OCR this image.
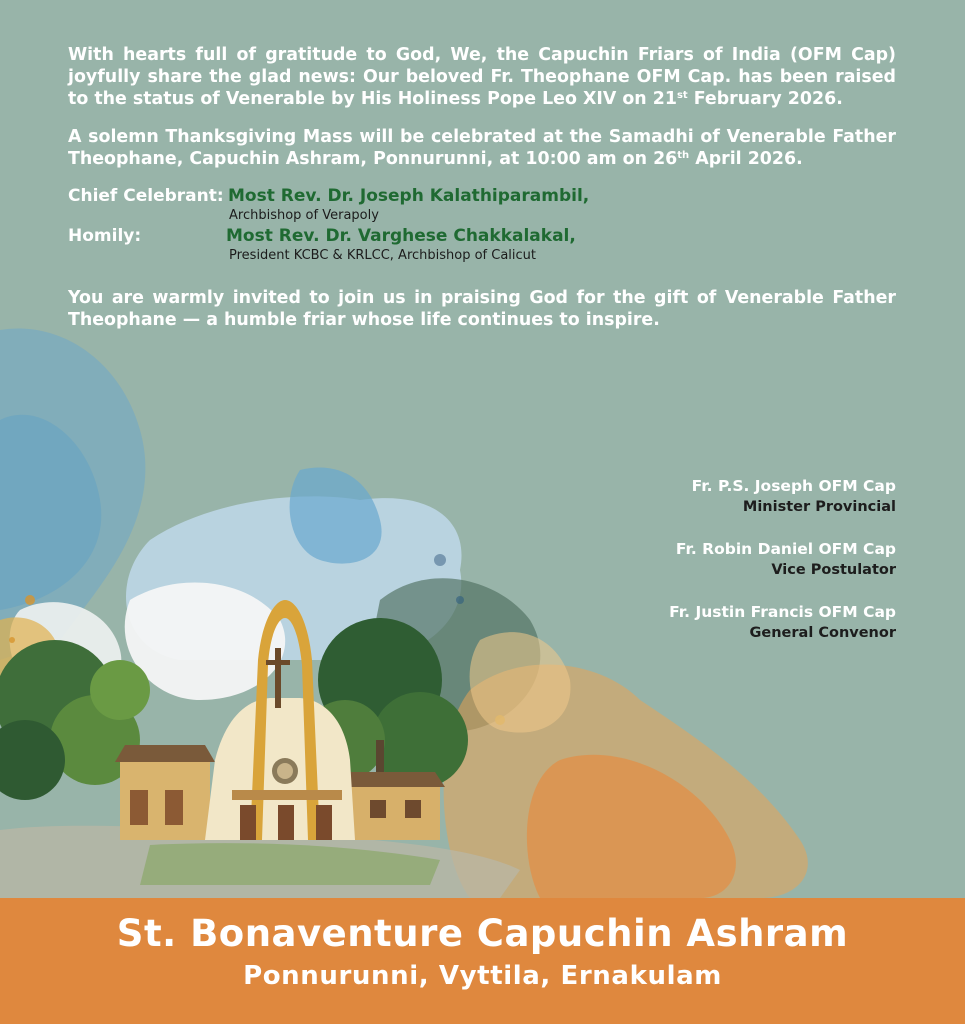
With hearts full of gratitude to God, We, the Capuchin Friars of India (OFM Cap) joyfully share the glad news: Our beloved Fr. Theophane OFM Cap. has been raised to the status of Venerable by His Holiness Pope Leo XIV on 21st February 2026.

A solemn Thanksgiving Mass will be celebrated at the Samadhi of Venerable Father Theophane, Capuchin Ashram, Ponnurunni, at 10:00 am on 26th April 2026.

Chief Celebrant: Most Rev. Dr. Joseph Kalathiparambil,
Archbishop of Verapoly
Homily:	Most Rev. Dr. Varghese Chakkalakal,
President KCBC & KRLCC, Archbishop of Calicut

You are warmly invited to join us in praising God for the gift of Venerable Father Theophane — a humble friar whose life continues to inspire.

Fr. P.S. Joseph OFM Cap
Minister Provincial
Fr. Robin Daniel OFM Cap
Vice Postulator
Fr. Justin Francis OFM Cap
General Convenor
St. Bonaventure Capuchin Ashram
Ponnurunni, Vyttila, Ernakulam
